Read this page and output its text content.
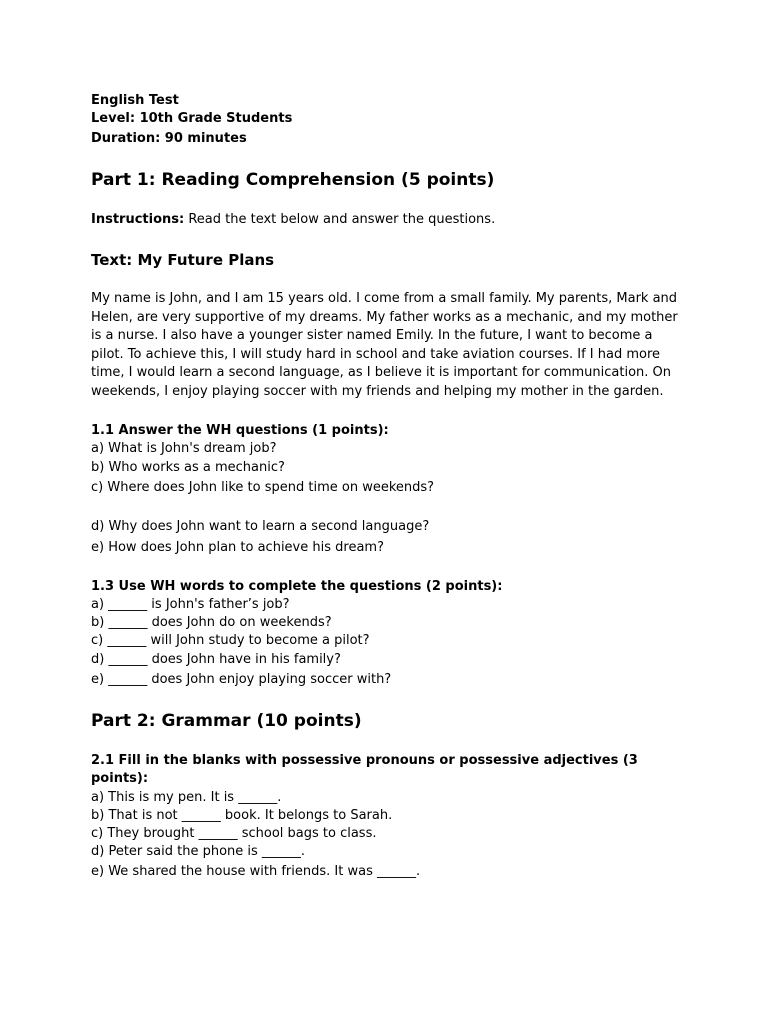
English Test
Level: 10th Grade Students
Duration: 90 minutes
Part 1: Reading Comprehension (5 points)
Instructions: Read the text below and answer the questions.
Text: My Future Plans
My name is John, and I am 15 years old. I come from a small family. My parents, Mark and Helen, are very supportive of my dreams. My father works as a mechanic, and my mother is a nurse. I also have a younger sister named Emily. In the future, I want to become a pilot. To achieve this, I will study hard in school and take aviation courses. If I had more time, I would learn a second language, as I believe it is important for communication. On weekends, I enjoy playing soccer with my friends and helping my mother in the garden.
1.1 Answer the WH questions (1 points):
a) What is John's dream job?
b) Who works as a mechanic?
c) Where does John like to spend time on weekends?
d) Why does John want to learn a second language?
e) How does John plan to achieve his dream?
1.3 Use WH words to complete the questions (2 points):
a) ______ is John's father’s job?
b) ______ does John do on weekends?
c) ______ will John study to become a pilot?
d) ______ does John have in his family?
e) ______ does John enjoy playing soccer with?
Part 2: Grammar (10 points)
2.1 Fill in the blanks with possessive pronouns or possessive adjectives (3 points):
a) This is my pen. It is ______.
b) That is not ______ book. It belongs to Sarah.
c) They brought ______ school bags to class.
d) Peter said the phone is ______.
e) We shared the house with friends. It was ______.
